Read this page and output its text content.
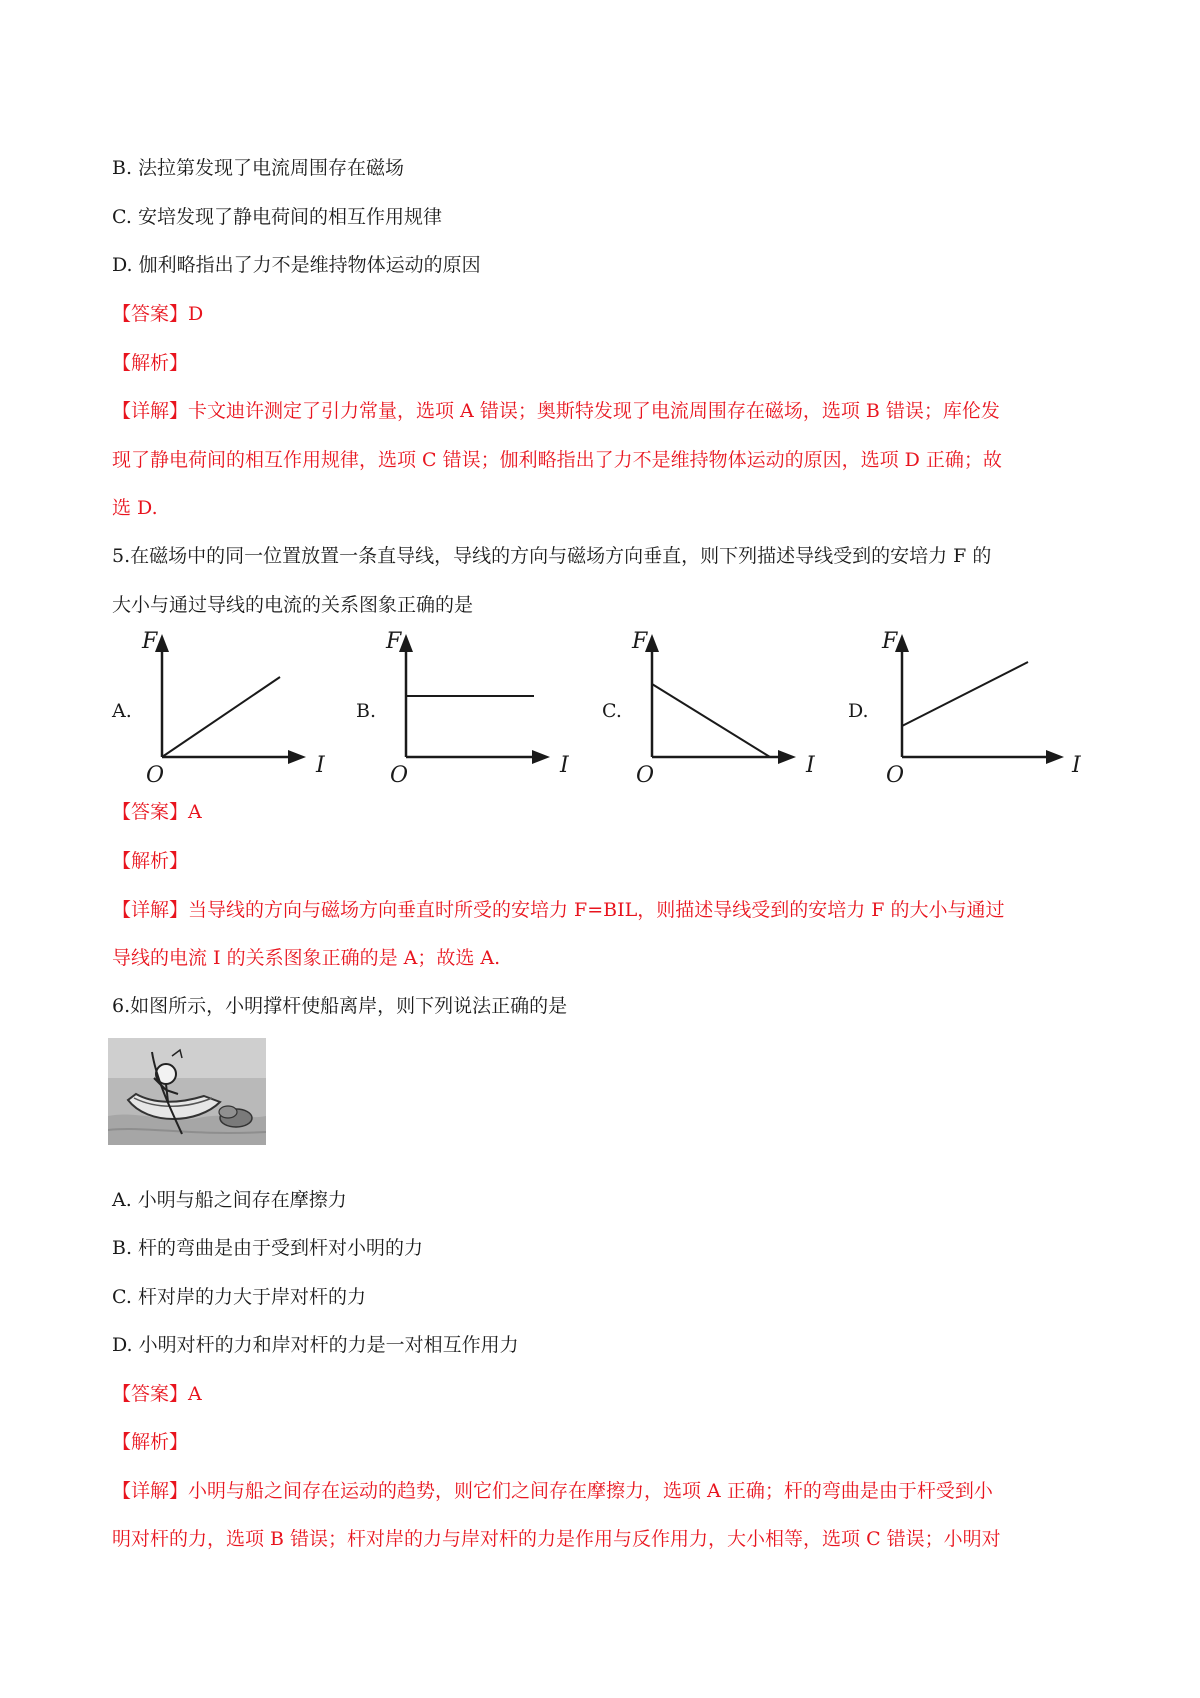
B. 法拉第发现了电流周围存在磁场

C. 安培发现了静电荷间的相互作用规律

D. 伽利略指出了力不是维持物体运动的原因

【答案】D

【解析】

【详解】卡文迪许测定了引力常量，选项 A 错误；奥斯特发现了电流周围存在磁场，选项 B 错误；库伦发

现了静电荷间的相互作用规律，选项 C 错误；伽利略指出了力不是维持物体运动的原因，选项 D 正确；故

选 D.

5.在磁场中的同一位置放置一条直导线，导线的方向与磁场方向垂直，则下列描述导线受到的安培力 F 的

大小与通过导线的电流的关系图象正确的是

A.	B.	C.	D.
F
I
O
F
I
O
F
I
O
F
I
O

【答案】A

【解析】

【详解】当导线的方向与磁场方向垂直时所受的安培力 F=BIL，则描述导线受到的安培力 F 的大小与通过

导线的电流 I 的关系图象正确的是 A；故选 A.

6.如图所示，小明撑杆使船离岸，则下列说法正确的是

A. 小明与船之间存在摩擦力

B. 杆的弯曲是由于受到杆对小明的力

C. 杆对岸的力大于岸对杆的力

D. 小明对杆的力和岸对杆的力是一对相互作用力

【答案】A

【解析】

【详解】小明与船之间存在运动的趋势，则它们之间存在摩擦力，选项 A 正确；杆的弯曲是由于杆受到小

明对杆的力，选项 B 错误；杆对岸的力与岸对杆的力是作用与反作用力，大小相等，选项 C 错误；小明对
